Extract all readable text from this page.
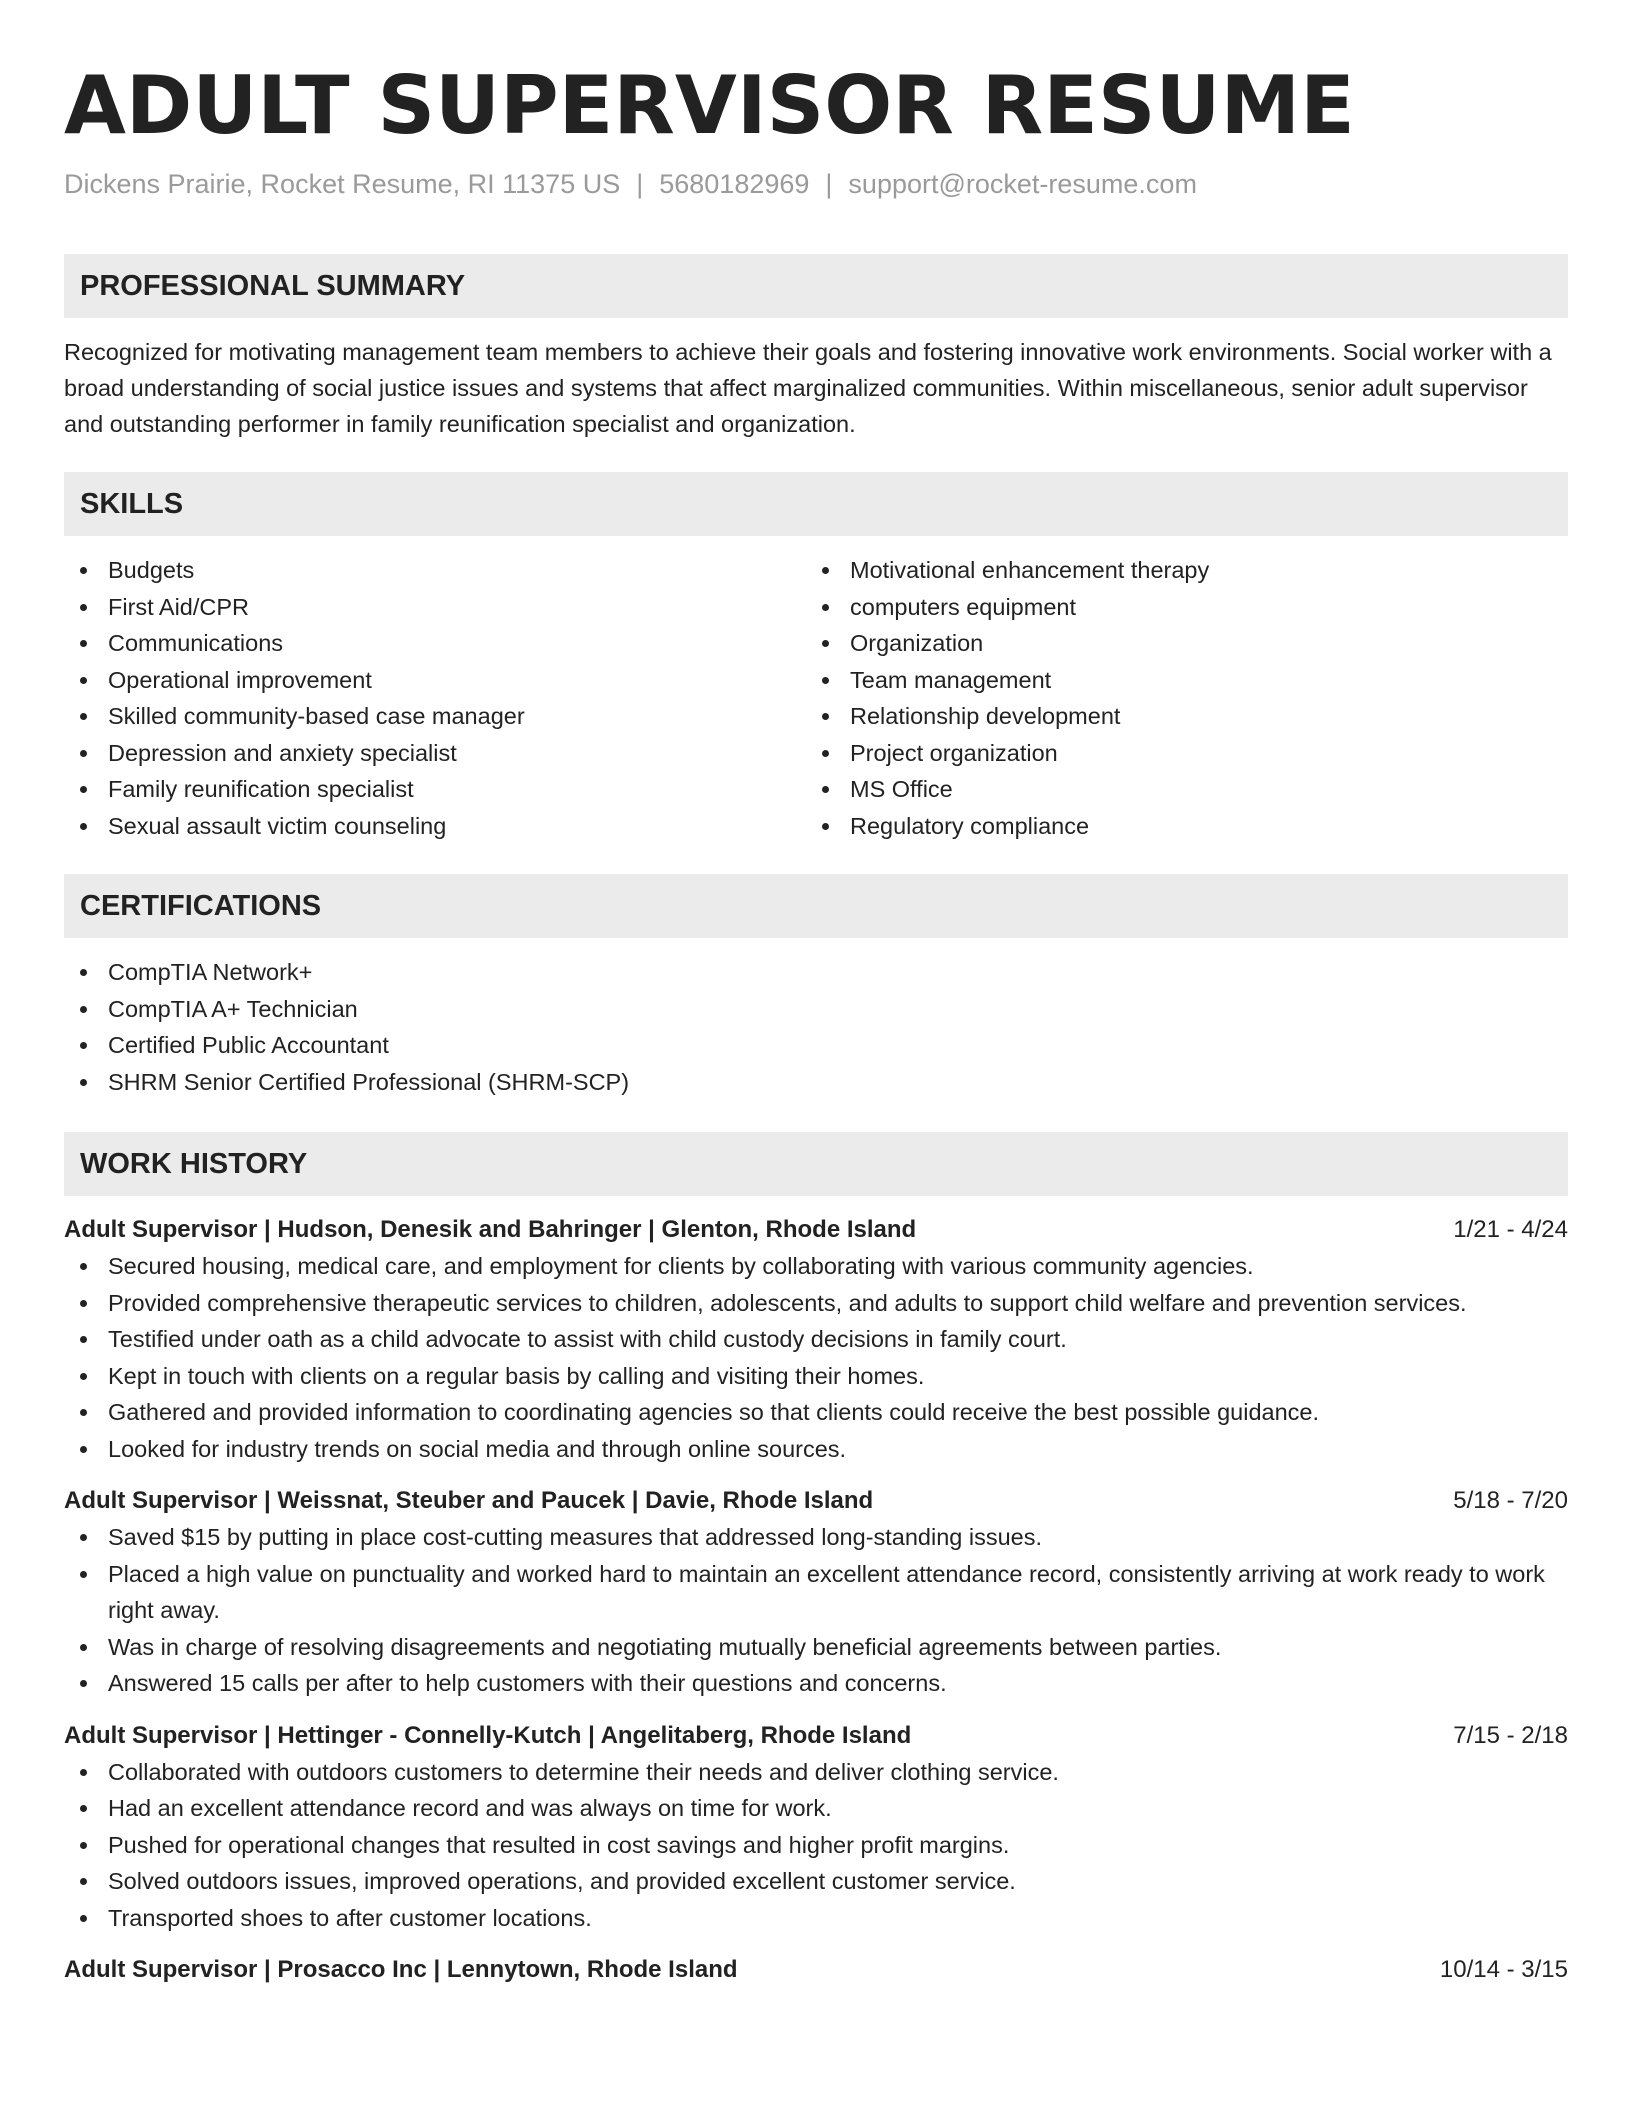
ADULT SUPERVISOR RESUME
Dickens Prairie, Rocket Resume, RI 11375 US | 5680182969 | support@rocket-resume.com
PROFESSIONAL SUMMARY

Recognized for motivating management team members to achieve their goals and fostering innovative work environments. Social worker with a broad understanding of social justice issues and systems that affect marginalized communities. Within miscellaneous, senior adult supervisor and outstanding performer in family reunification specialist and organization.

SKILLS
Budgets
First Aid/CPR
Communications
Operational improvement
Skilled community-based case manager
Depression and anxiety specialist
Family reunification specialist
Sexual assault victim counseling
Motivational enhancement therapy
computers equipment
Organization
Team management
Relationship development
Project organization
MS Office
Regulatory compliance
CERTIFICATIONS
CompTIA Network+
CompTIA A+ Technician
Certified Public Accountant
SHRM Senior Certified Professional (SHRM-SCP)
WORK HISTORY
Adult Supervisor | Hudson, Denesik and Bahringer | Glenton, Rhode Island	1/21 - 4/24
Secured housing, medical care, and employment for clients by collaborating with various community agencies.
Provided comprehensive therapeutic services to children, adolescents, and adults to support child welfare and prevention services.
Testified under oath as a child advocate to assist with child custody decisions in family court.
Kept in touch with clients on a regular basis by calling and visiting their homes.
Gathered and provided information to coordinating agencies so that clients could receive the best possible guidance.
Looked for industry trends on social media and through online sources.
Adult Supervisor | Weissnat, Steuber and Paucek | Davie, Rhode Island	5/18 - 7/20
Saved $15 by putting in place cost-cutting measures that addressed long-standing issues.
Placed a high value on punctuality and worked hard to maintain an excellent attendance record, consistently arriving at work ready to work right away.
Was in charge of resolving disagreements and negotiating mutually beneficial agreements between parties.
Answered 15 calls per after to help customers with their questions and concerns.
Adult Supervisor | Hettinger - Connelly-Kutch | Angelitaberg, Rhode Island	7/15 - 2/18
Collaborated with outdoors customers to determine their needs and deliver clothing service.
Had an excellent attendance record and was always on time for work.
Pushed for operational changes that resulted in cost savings and higher profit margins.
Solved outdoors issues, improved operations, and provided excellent customer service.
Transported shoes to after customer locations.
Adult Supervisor | Prosacco Inc | Lennytown, Rhode Island	10/14 - 3/15
